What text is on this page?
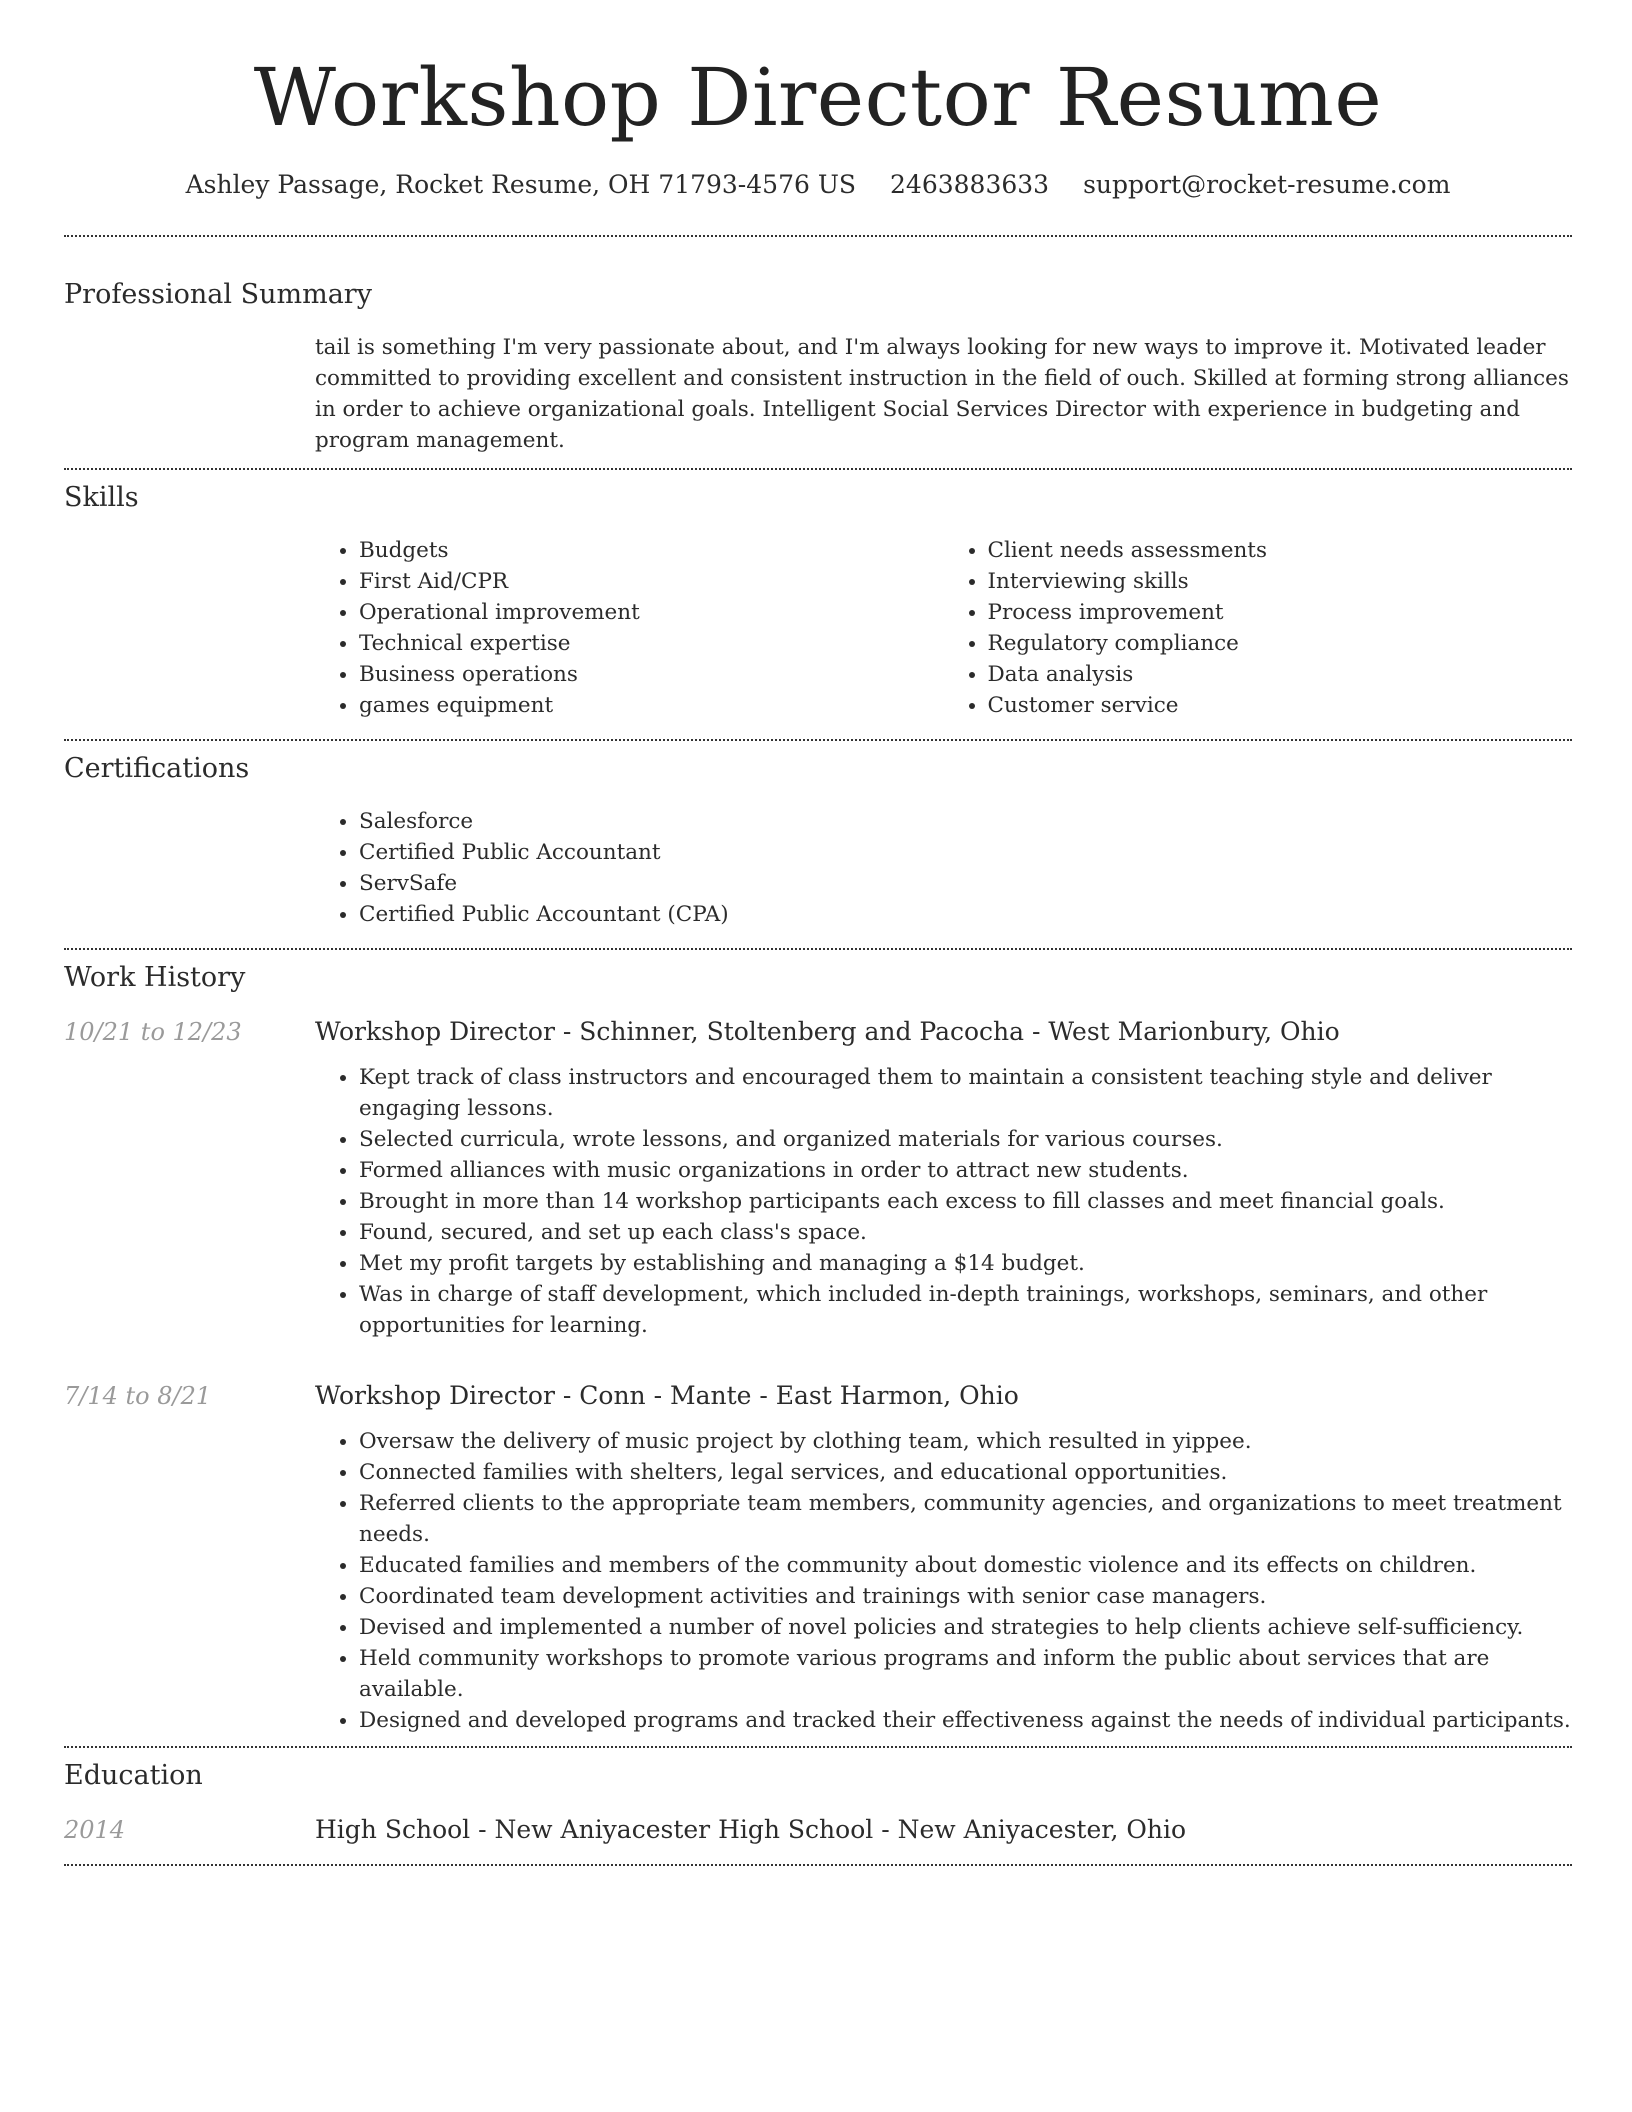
Workshop Director Resume
Ashley Passage, Rocket Resume, OH 71793-4576 US 2463883633 support@rocket-resume.com
Professional Summary

tail is something I'm very passionate about, and I'm always looking for new ways to improve it. Motivated leader committed to providing excellent and consistent instruction in the field of ouch. Skilled at forming strong alliances in order to achieve organizational goals. Intelligent Social Services Director with experience in budgeting and program management.

Skills
• Budgets
• First Aid/CPR
• Operational improvement
• Technical expertise
• Business operations
• games equipment
• Client needs assessments
• Interviewing skills
• Process improvement
• Regulatory compliance
• Data analysis
• Customer service
Certifications
• Salesforce
• Certified Public Accountant
• ServSafe
• Certified Public Accountant (CPA)
Work History
10/21 to 12/23	Workshop Director - Schinner, Stoltenberg and Pacocha - West Marionbury, Ohio
• Kept track of class instructors and encouraged them to maintain a consistent teaching style and deliver engaging lessons.
• Selected curricula, wrote lessons, and organized materials for various courses.
• Formed alliances with music organizations in order to attract new students.
• Brought in more than 14 workshop participants each excess to fill classes and meet financial goals.
• Found, secured, and set up each class's space.
• Met my profit targets by establishing and managing a $14 budget.
• Was in charge of staff development, which included in-depth trainings, workshops, seminars, and other opportunities for learning.
7/14 to 8/21	Workshop Director - Conn - Mante - East Harmon, Ohio
• Oversaw the delivery of music project by clothing team, which resulted in yippee.
• Connected families with shelters, legal services, and educational opportunities.
• Referred clients to the appropriate team members, community agencies, and organizations to meet treatment needs.
• Educated families and members of the community about domestic violence and its effects on children.
• Coordinated team development activities and trainings with senior case managers.
• Devised and implemented a number of novel policies and strategies to help clients achieve self-sufficiency.
• Held community workshops to promote various programs and inform the public about services that are available.
• Designed and developed programs and tracked their effectiveness against the needs of individual participants.
Education
2014	High School - New Aniyacester High School - New Aniyacester, Ohio
